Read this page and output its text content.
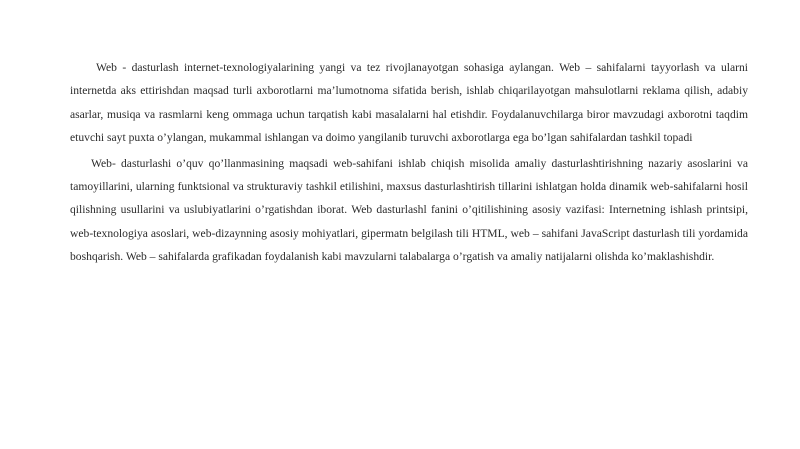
Web - dasturlash internet-texnologiyalarining yangi va tez rivojlanayotgan sohasiga aylangan. Web – sahifalarni tayyorlash va ularni internetda aks ettirishdan maqsad turli axborotlarni ma’lumotnoma sifatida berish, ishlab chiqarilayotgan mahsulotlarni reklama qilish, adabiy asarlar, musiqa va rasmlarni keng ommaga uchun tarqatish kabi masalalarni hal etishdir. Foydalanuvchilarga biror mavzudagi axborotni taqdim etuvchi sayt puxta o’ylangan, mukammal ishlangan va doimo yangilanib turuvchi axborotlarga ega bo’lgan sahifalardan tashkil topadi

Web- dasturlashi o’quv qo’llanmasining maqsadi web-sahifani ishlab chiqish misolida amaliy dasturlashtirishning nazariy asoslarini va tamoyillarini, ularning funktsional va strukturaviy tashkil etilishini, maxsus dasturlashtirish tillarini ishlatgan holda dinamik web-sahifalarni hosil qilishning usullarini va uslubiyatlarini o’rgatishdan iborat. Web dasturlashl fanini o’qitilishining asosiy vazifasi: Internetning ishlash printsipi, web-texnologiya asoslari, web-dizaynning asosiy mohiyatlari, gipermatn belgilash tili HTML, web – sahifani JavaScript dasturlash tili yordamida boshqarish. Web – sahifalarda grafikadan foydalanish kabi mavzularni talabalarga o’rgatish va amaliy natijalarni olishda ko’maklashishdir.
